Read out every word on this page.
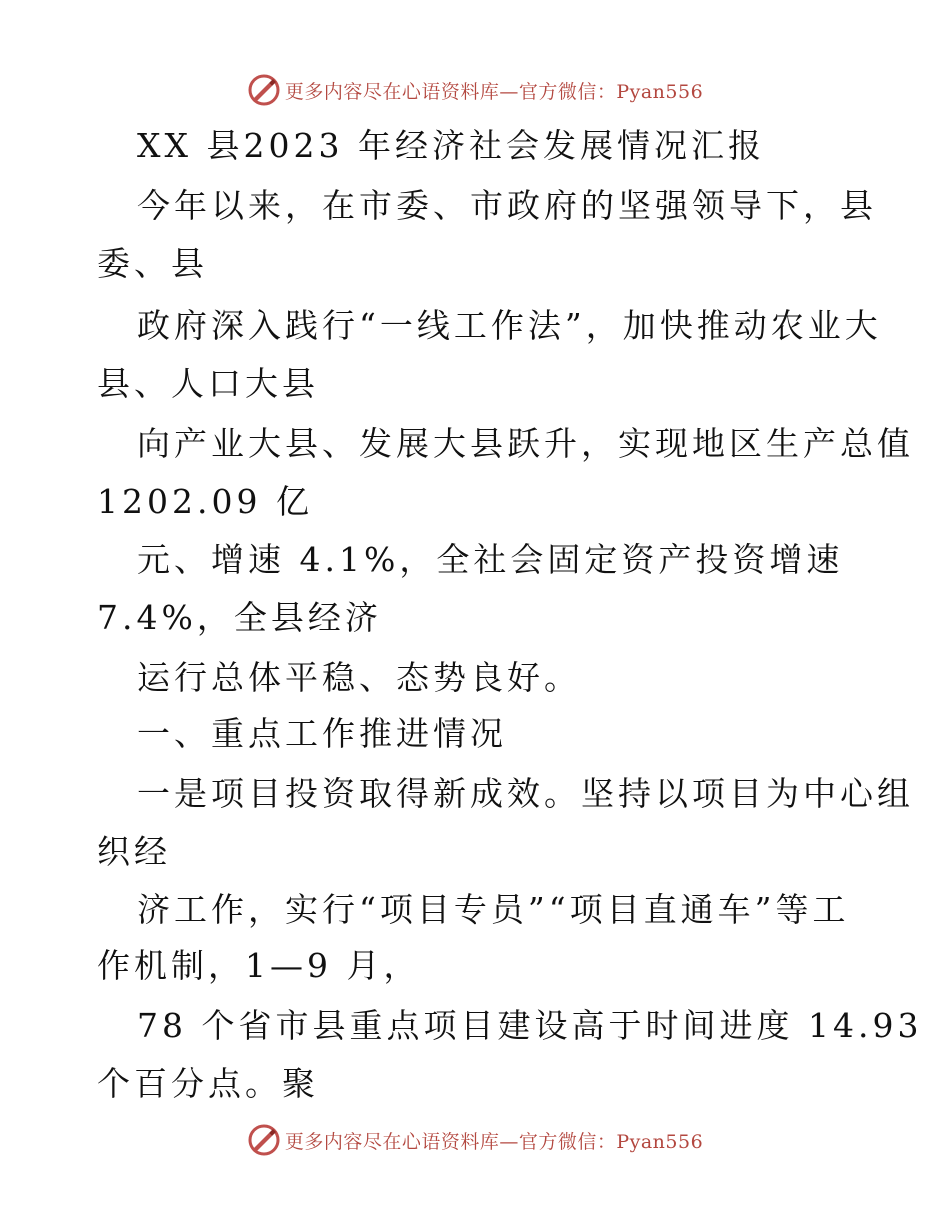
更多内容尽在心语资料库—官方微信：Pyan556
XX 县2023 年经济社会发展情况汇报
今年以来，在市委、市政府的坚强领导下，县
委、县
政府深入践行“一线工作法”，加快推动农业大
县、人口大县
向产业大县、发展大县跃升，实现地区生产总值
1202.09 亿
元、增速 4.1%，全社会固定资产投资增速
7.4%，全县经济
运行总体平稳、态势良好。
一、重点工作推进情况
一是项目投资取得新成效。坚持以项目为中心组
织经
济工作，实行“项目专员”“项目直通车”等工
作机制，1—9 月，
78 个省市县重点项目建设高于时间进度 14.93
个百分点。聚
更多内容尽在心语资料库—官方微信：Pyan556
